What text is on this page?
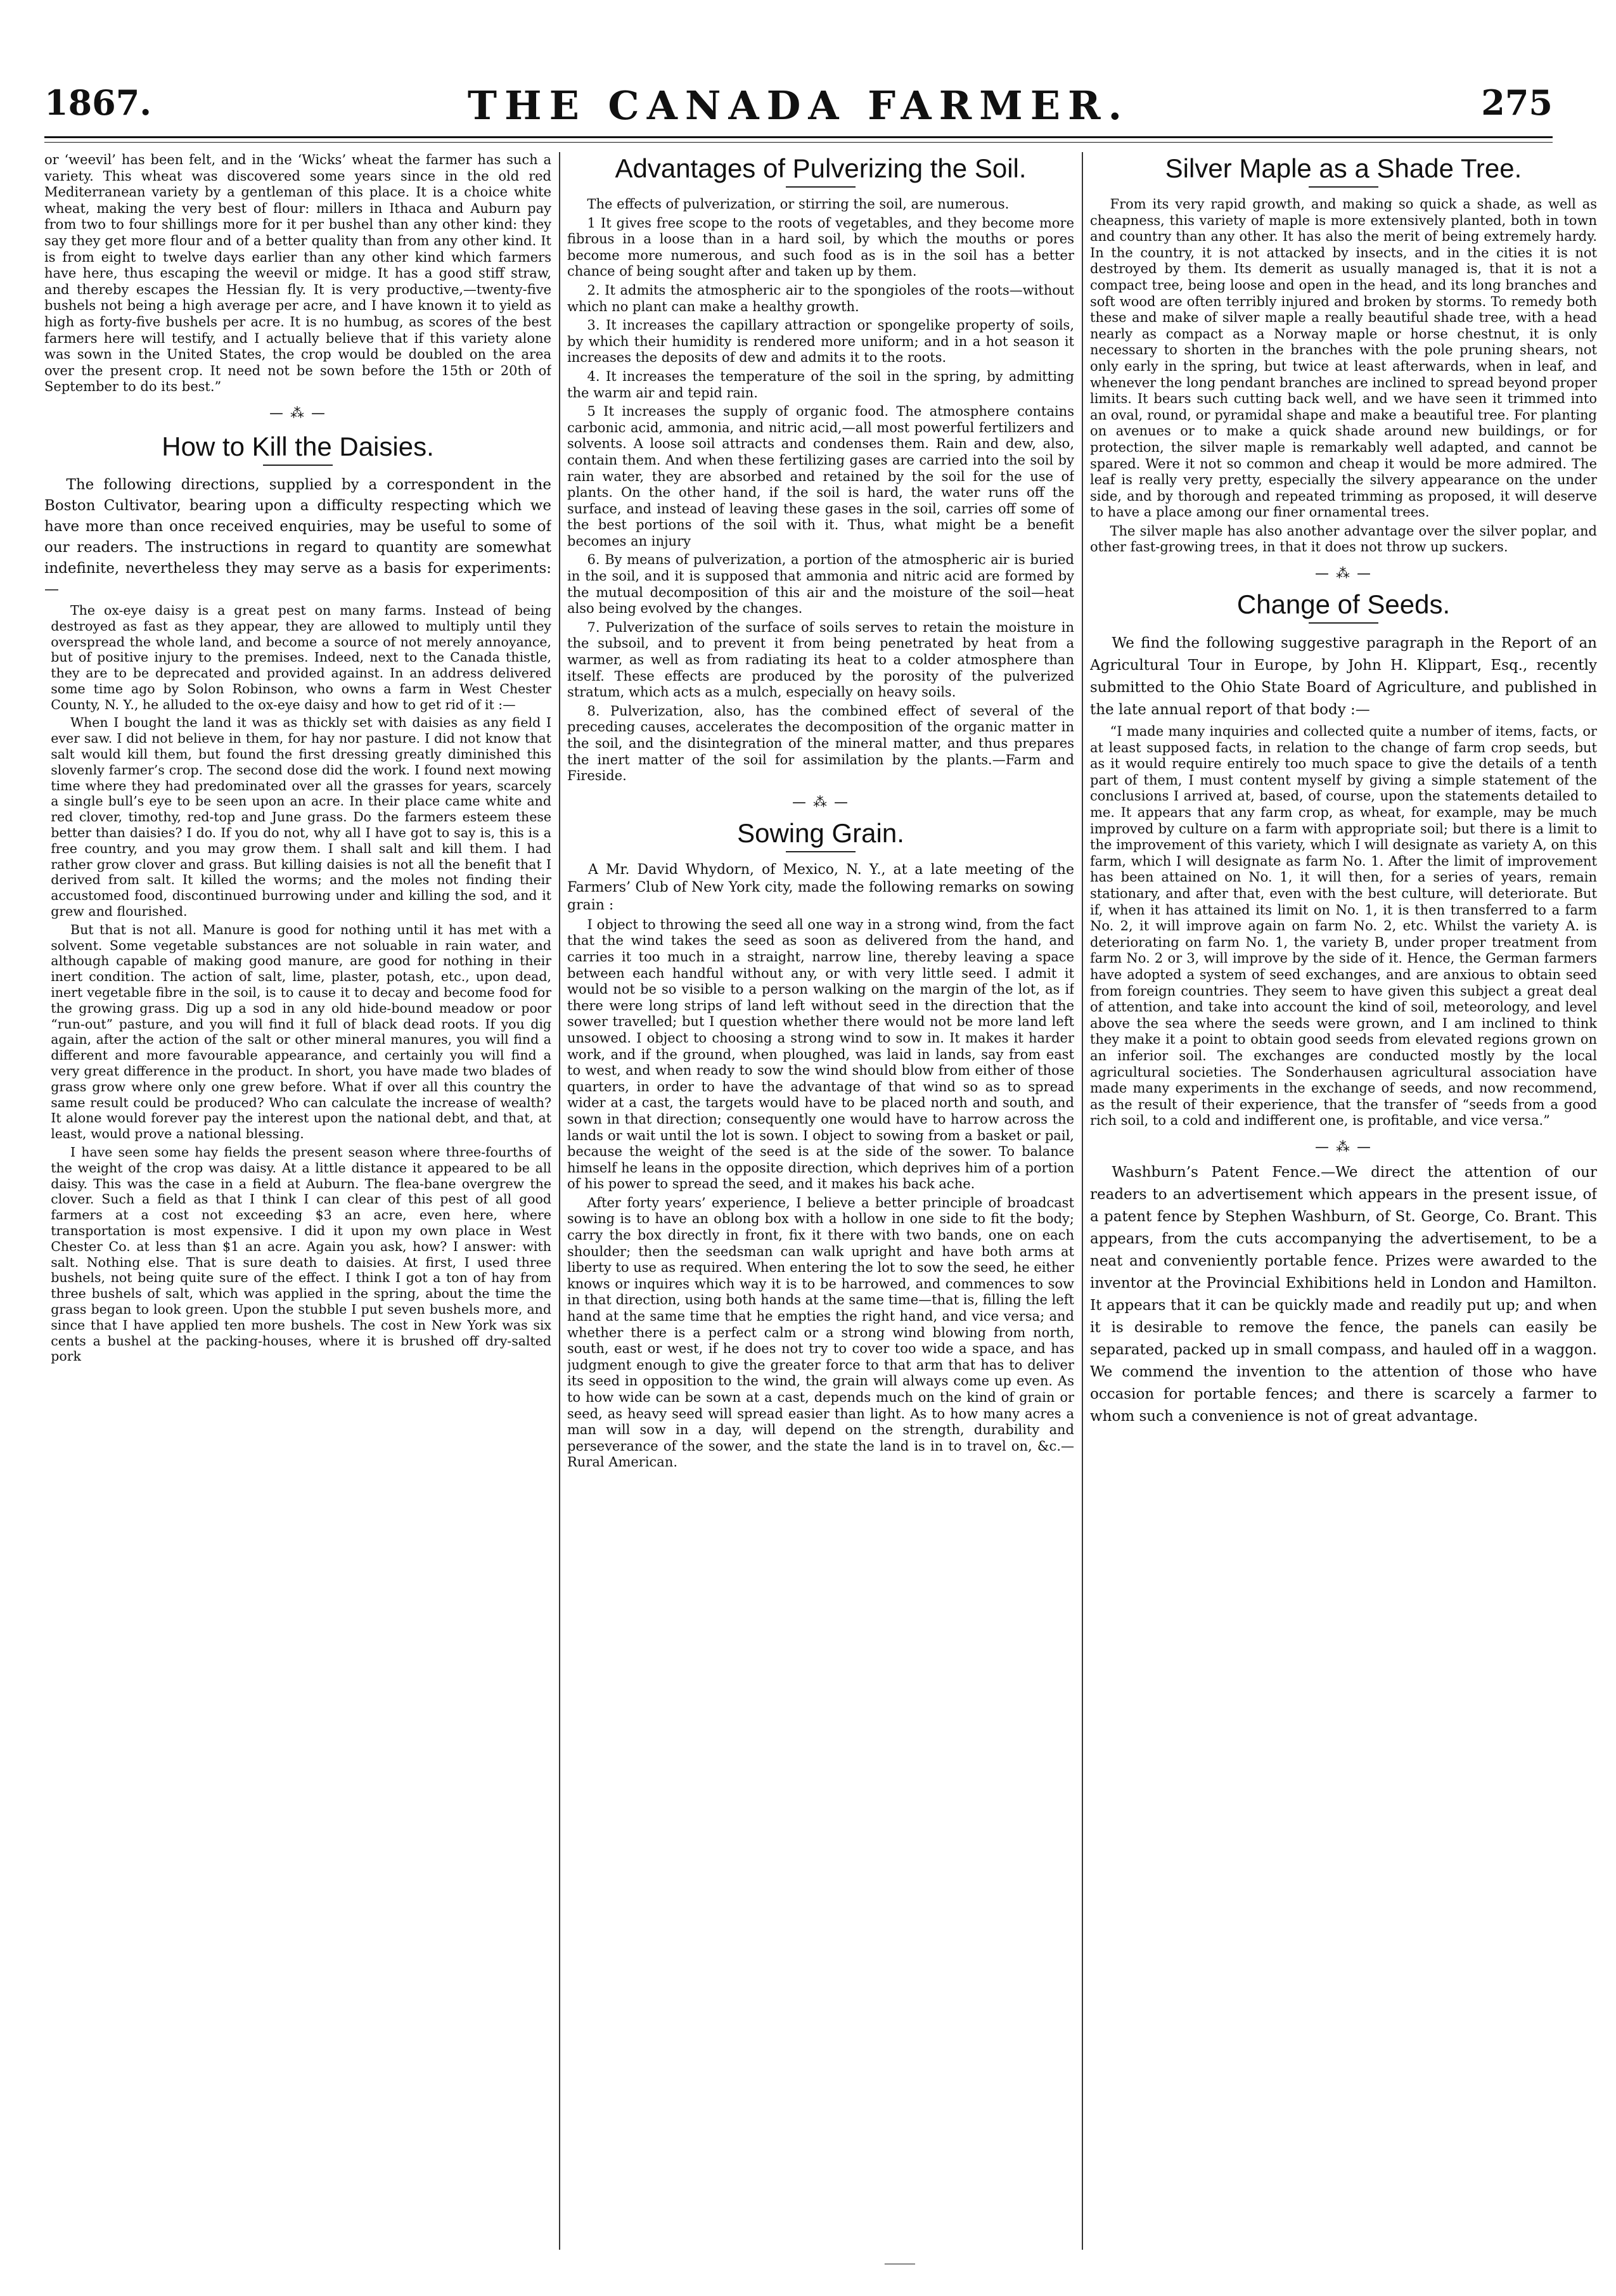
1867.	THE CANADA FARMER.	275

or ‘weevil’ has been felt, and in the ‘Wicks’ wheat the farmer has such a variety. This wheat was discovered some years since in the old red Mediterranean variety by a gentleman of this place. It is a choice white wheat, making the very best of flour: millers in Ithaca and Auburn pay from two to four shillings more for it per bushel than any other kind: they say they get more flour and of a better quality than from any other kind. It is from eight to twelve days earlier than any other kind which farmers have here, thus escaping the weevil or midge. It has a good stiff straw, and thereby escapes the Hessian fly. It is very productive,—twenty-five bushels not being a high average per acre, and I have known it to yield as high as forty-five bushels per acre. It is no humbug, as scores of the best farmers here will testify, and I actually believe that if this variety alone was sown in the United States, the crop would be doubled on the area over the present crop. It need not be sown before the 15th or 20th of September to do its best.”

— ⁂ —
How to Kill the Daisies.

The following directions, supplied by a correspondent in the Boston Cultivator, bearing upon a difficulty respecting which we have more than once received enquiries, may be useful to some of our readers. The instructions in regard to quantity are somewhat indefinite, nevertheless they may serve as a basis for experiments:—

The ox-eye daisy is a great pest on many farms. Instead of being destroyed as fast as they appear, they are allowed to multiply until they overspread the whole land, and become a source of not merely annoyance, but of positive injury to the premises. Indeed, next to the Canada thistle, they are to be deprecated and provided against. In an address delivered some time ago by Solon Robinson, who owns a farm in West Chester County, N. Y., he alluded to the ox-eye daisy and how to get rid of it :—

When I bought the land it was as thickly set with daisies as any field I ever saw. I did not believe in them, for hay nor pasture. I did not know that salt would kill them, but found the first dressing greatly diminished this slovenly farmer’s crop. The second dose did the work. I found next mowing time where they had predominated over all the grasses for years, scarcely a single bull’s eye to be seen upon an acre. In their place came white and red clover, timothy, red-top and June grass. Do the farmers esteem these better than daisies? I do. If you do not, why all I have got to say is, this is a free country, and you may grow them. I shall salt and kill them. I had rather grow clover and grass. But killing daisies is not all the benefit that I derived from salt. It killed the worms; and the moles not finding their accustomed food, discontinued burrowing under and killing the sod, and it grew and flourished.

But that is not all. Manure is good for nothing until it has met with a solvent. Some vegetable substances are not soluable in rain water, and although capable of making good manure, are good for nothing in their inert condition. The action of salt, lime, plaster, potash, etc., upon dead, inert vegetable fibre in the soil, is to cause it to decay and become food for the growing grass. Dig up a sod in any old hide-bound meadow or poor “run-out” pasture, and you will find it full of black dead roots. If you dig again, after the action of the salt or other mineral manures, you will find a different and more favourable appearance, and certainly you will find a very great difference in the product. In short, you have made two blades of grass grow where only one grew before. What if over all this country the same result could be produced? Who can calculate the increase of wealth? It alone would forever pay the interest upon the national debt, and that, at least, would prove a national blessing.

I have seen some hay fields the present season where three-fourths of the weight of the crop was daisy. At a little distance it appeared to be all daisy. This was the case in a field at Auburn. The flea-bane overgrew the clover. Such a field as that I think I can clear of this pest of all good farmers at a cost not exceeding $3 an acre, even here, where transportation is most expensive. I did it upon my own place in West Chester Co. at less than $1 an acre. Again you ask, how? I answer: with salt. Nothing else. That is sure death to daisies. At first, I used three bushels, not being quite sure of the effect. I think I got a ton of hay from three bushels of salt, which was applied in the spring, about the time the grass began to look green. Upon the stubble I put seven bushels more, and since that I have applied ten more bushels. The cost in New York was six cents a bushel at the packing-houses, where it is brushed off dry-salted pork

Advantages of Pulverizing the Soil.

The effects of pulverization, or stirring the soil, are numerous.

1 It gives free scope to the roots of vegetables, and they become more fibrous in a loose than in a hard soil, by which the mouths or pores become more numerous, and such food as is in the soil has a better chance of being sought after and taken up by them.

2. It admits the atmospheric air to the spongioles of the roots—without which no plant can make a healthy growth.

3. It increases the capillary attraction or spongelike property of soils, by which their humidity is rendered more uniform; and in a hot season it increases the deposits of dew and admits it to the roots.

4. It increases the temperature of the soil in the spring, by admitting the warm air and tepid rain.

5 It increases the supply of organic food. The atmosphere contains carbonic acid, ammonia, and nitric acid,—all most powerful fertilizers and solvents. A loose soil attracts and condenses them. Rain and dew, also, contain them. And when these fertilizing gases are carried into the soil by rain water, they are absorbed and retained by the soil for the use of plants. On the other hand, if the soil is hard, the water runs off the surface, and instead of leaving these gases in the soil, carries off some of the best portions of the soil with it. Thus, what might be a benefit becomes an injury

6. By means of pulverization, a portion of the atmospheric air is buried in the soil, and it is supposed that ammonia and nitric acid are formed by the mutual decomposition of this air and the moisture of the soil—heat also being evolved by the changes.

7. Pulverization of the surface of soils serves to retain the moisture in the subsoil, and to prevent it from being penetrated by heat from a warmer, as well as from radiating its heat to a colder atmosphere than itself. These effects are produced by the porosity of the pulverized stratum, which acts as a mulch, especially on heavy soils.

8. Pulverization, also, has the combined effect of several of the preceding causes, accelerates the decomposition of the organic matter in the soil, and the disintegration of the mineral matter, and thus prepares the inert matter of the soil for assimilation by the plants.—Farm and Fireside.

— ⁂ —
Sowing Grain.

A Mr. David Whydorn, of Mexico, N. Y., at a late meeting of the Farmers’ Club of New York city, made the following remarks on sowing grain :

I object to throwing the seed all one way in a strong wind, from the fact that the wind takes the seed as soon as delivered from the hand, and carries it too much in a straight, narrow line, thereby leaving a space between each handful without any, or with very little seed. I admit it would not be so visible to a person walking on the margin of the lot, as if there were long strips of land left without seed in the direction that the sower travelled; but I question whether there would not be more land left unsowed. I object to choosing a strong wind to sow in. It makes it harder work, and if the ground, when ploughed, was laid in lands, say from east to west, and when ready to sow the wind should blow from either of those quarters, in order to have the advantage of that wind so as to spread wider at a cast, the targets would have to be placed north and south, and sown in that direction; consequently one would have to harrow across the lands or wait until the lot is sown. I object to sowing from a basket or pail, because the weight of the seed is at the side of the sower. To balance himself he leans in the opposite direction, which deprives him of a portion of his power to spread the seed, and it makes his back ache.

After forty years’ experience, I believe a better principle of broadcast sowing is to have an oblong box with a hollow in one side to fit the body; carry the box directly in front, fix it there with two bands, one on each shoulder; then the seedsman can walk upright and have both arms at liberty to use as required. When entering the lot to sow the seed, he either knows or inquires which way it is to be harrowed, and commences to sow in that direction, using both hands at the same time—that is, filling the left hand at the same time that he empties the right hand, and vice versa; and whether there is a perfect calm or a strong wind blowing from north, south, east or west, if he does not try to cover too wide a space, and has judgment enough to give the greater force to that arm that has to deliver its seed in opposition to the wind, the grain will always come up even. As to how wide can be sown at a cast, depends much on the kind of grain or seed, as heavy seed will spread easier than light. As to how many acres a man will sow in a day, will depend on the strength, durability and perseverance of the sower, and the state the land is in to travel on, &c.—Rural American.

Silver Maple as a Shade Tree.

From its very rapid growth, and making so quick a shade, as well as cheapness, this variety of maple is more extensively planted, both in town and country than any other. It has also the merit of being extremely hardy. In the country, it is not attacked by insects, and in the cities it is not destroyed by them. Its demerit as usually managed is, that it is not a compact tree, being loose and open in the head, and its long branches and soft wood are often terribly injured and broken by storms. To remedy both these and make of silver maple a really beautiful shade tree, with a head nearly as compact as a Norway maple or horse chestnut, it is only necessary to shorten in the branches with the pole pruning shears, not only early in the spring, but twice at least afterwards, when in leaf, and whenever the long pendant branches are inclined to spread beyond proper limits. It bears such cutting back well, and we have seen it trimmed into an oval, round, or pyramidal shape and make a beautiful tree. For planting on avenues or to make a quick shade around new buildings, or for protection, the silver maple is remarkably well adapted, and cannot be spared. Were it not so common and cheap it would be more admired. The leaf is really very pretty, especially the silvery appearance on the under side, and by thorough and repeated trimming as proposed, it will deserve to have a place among our finer ornamental trees.

The silver maple has also another advantage over the silver poplar, and other fast-growing trees, in that it does not throw up suckers.

— ⁂ —
Change of Seeds.

We find the following suggestive paragraph in the Report of an Agricultural Tour in Europe, by John H. Klippart, Esq., recently submitted to the Ohio State Board of Agriculture, and published in the late annual report of that body :—

“I made many inquiries and collected quite a number of items, facts, or at least supposed facts, in relation to the change of farm crop seeds, but as it would require entirely too much space to give the details of a tenth part of them, I must content myself by giving a simple statement of the conclusions I arrived at, based, of course, upon the statements detailed to me. It appears that any farm crop, as wheat, for example, may be much improved by culture on a farm with appropriate soil; but there is a limit to the improvement of this variety, which I will designate as variety A, on this farm, which I will designate as farm No. 1. After the limit of improvement has been attained on No. 1, it will then, for a series of years, remain stationary, and after that, even with the best culture, will deteriorate. But if, when it has attained its limit on No. 1, it is then transferred to a farm No. 2, it will improve again on farm No. 2, etc. Whilst the variety A. is deteriorating on farm No. 1, the variety B, under proper treatment from farm No. 2 or 3, will improve by the side of it. Hence, the German farmers have adopted a system of seed exchanges, and are anxious to obtain seed from foreign countries. They seem to have given this subject a great deal of attention, and take into account the kind of soil, meteorology, and level above the sea where the seeds were grown, and I am inclined to think they make it a point to obtain good seeds from elevated regions grown on an inferior soil. The exchanges are conducted mostly by the local agricultural societies. The Sonderhausen agricultural association have made many experiments in the exchange of seeds, and now recommend, as the result of their experience, that the transfer of “seeds from a good rich soil, to a cold and indifferent one, is profitable, and vice versa.”

— ⁂ —

Washburn’s Patent Fence.—We direct the attention of our readers to an advertisement which appears in the present issue, of a patent fence by Stephen Washburn, of St. George, Co. Brant. This appears, from the cuts accompanying the advertisement, to be a neat and conveniently portable fence. Prizes were awarded to the inventor at the Provincial Exhibitions held in London and Hamilton. It appears that it can be quickly made and readily put up; and when it is desirable to remove the fence, the panels can easily be separated, packed up in small compass, and hauled off in a waggon. We commend the invention to the attention of those who have occasion for portable fences; and there is scarcely a farmer to whom such a convenience is not of great advantage.

⸻
